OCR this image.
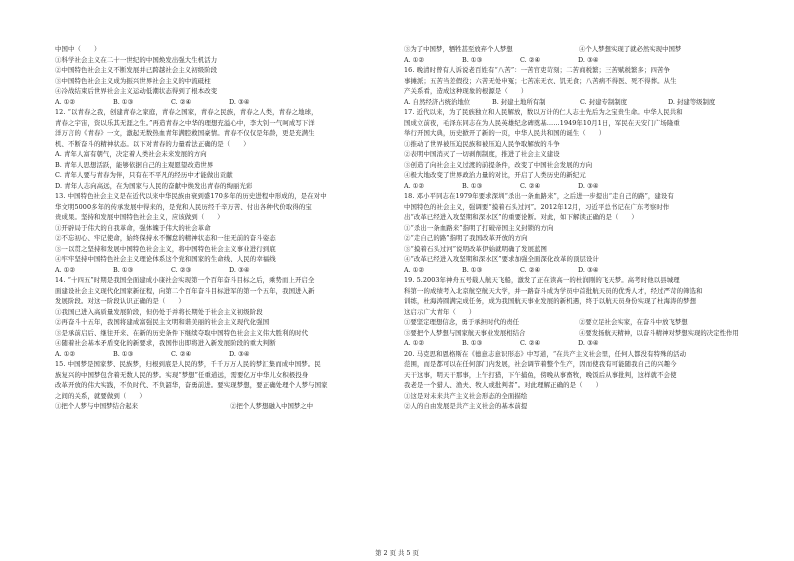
中国中（　　）
①科学社会主义在二十一世纪的中国焕发出强大生机活力
②中国特色社会主义不断发展并已跨越社会主义初级阶段
③中国特色社会主义成为振兴世界社会主义的中流砥柱
④冷战结束后世界社会主义运动低潮状态得到了根本改变
A. ①②	B. ①③	C. ②④	D. ③④
12. “以青春之我，创建青春之家庭，青春之国家，青春之民族，青春之人类，青春之地球，
青春之宇宙，资以乐其无涯之生。”再造青春之中华的理想充溢心中，李大钊一气呵成写下洋
洋万言的《青春》一文，激起无数热血青年满腔救国豪情。青春不仅仅是年龄，更是充满生
机、不断奋斗的精神状态。以下对青春的力量看法正确的是（　　）
A. 青年人富有朝气，决定着人类社会未来发展的方向
B. 青年人思想活跃，能够依据自己的主观愿望改造世界
C. 青年人要与青春为伴，只有在不平凡的经历中才能做出贡献
D. 青年人志向高远，在为国家与人民的奋献中焕发出青春的绚丽光彩
13. 中国特色社会主义是在近代以来中华民族由衰到盛170多年的历史进程中形成的，是在对中
华文明5000多年的传承发展中得来的，是党和人民历经千辛万苦、付出各种代价取得的宝
贵成果。坚持和发展中国特色社会主义，应该做到（　　）
①开辟局于伟大的自我革命，强体魄于伟大的社会革命
②不忘初心、牢记使命，始终保持永不懈怠的精神状态和一往无前的奋斗姿态
③一以贯之坚持和发展中国特色社会主义，将中国特色社会主义事业进行到底
④牢牢坚持中国特色社会主义理论体系这个党和国家的生命线、人民的幸福线
A. ①②	B. ①③	C. ②③	D. ③④
14. “十四五”时期是我国全面建成小康社会实现第一个百年奋斗目标之后，乘势而上开启全
面建设社会主义现代化国家新征程，向第二个百年奋斗目标进军的第一个五年，我国进入新
发展阶段。对这一阶段认识正确的是（　　）
①我国已进入高质量发展阶段，但仍处于并将长期处于社会主义初级阶段
②再奋斗十五年，我国将建成富强民主文明和谐美丽的社会主义现代化强国
③是承前启后、继往开来、在新的历史条件下继续夺取中国特色社会主义伟大胜利的时代
④随着社会基本矛盾变化的新要求，我国作出即将进入新发展阶段的重大判断
A. ①②	B. ①③	C. ②④	D. ③④
15. 中国梦是国家梦、民族梦，归根到底是人民的梦，千千万万人民的梦汇集而成中国梦。民
族复兴的中国梦包含着无数人民的梦。实现“梦想”任重道远，需要亿万中华儿女积极投身
改革开放的伟大实践，不负时代、不负韶华，奋勇前进。要实现梦想，要正确处理个人梦与国家
之间的关系，就要做到（　　）
①把个人梦与中国梦结合起来	②把个人梦想融入中国梦之中
③为了中国梦，牺牲甚至放弃个人梦想	④个人梦想实现了就必然实现中国梦
A. ①②	B. ①③	C. ②④	D. ③④
16. 晚清时曾有人诉说老百姓有“八苦”：一苦官吏苛刻；二苦商税繁；三苦赋税繁多；四苦争
事摊派；五苦当差假役；六苦无处申冤；七苦冻无衣、饥无食；八苦病不得医、死不得葬。从生
产关系看，造成这种现象的根源是（　　）
A. 自然经济占统治地位	B. 封建土地所有制	C. 封建专制制度	D. 封建等级制度
17. 近代以来，为了民族独立和人民解放，数以万计的仁人志士先后为之宝贵生命。中华人民共和
国成立前夜，毛泽东同志在为人民英雄纪念碑奠基……1949年10月1日，军民在天安门广场隆重
举行开国大典，历史掀开了新的一页，中华人民共和国的诞生（　　）
①推动了世界被压迫民族和被压迫人民争取解放的斗争
②表明中国消灭了一切剥削制度，推进了社会主义建设
③创造了向社会主义过渡的前提条件，改变了中国社会发展的方向
④极大地改变了世界政治力量的对比，开启了人类历史的新纪元
A. ①②	B. ①③	C. ②④	D. ③④
18. 邓小平同志在1979年要求深圳“杀出一条血路来”，之后进一步提出“走自己的路”，建设有
中国特色的社会主义，强调要“摸着石头过河”。2012年12月，习近平总书记在广东考察时作
出“改革已经进入攻坚期和深水区”的重要论断。对此，如下解读正确的是（　　）
①“杀出一条血路来”指明了打破帝国主义封锁的方向
②“走自己的路”指明了我国改革开放的方向
③“摸着石头过河”说明改革伊始就明确了发展蓝图
④“改革已经进入攻坚期和深水区”要求加强全面深化改革的顶层设计
A. ①②	B. ①③	C. ②④	D. ③④
19. 5.2003年神舟五号载人航天飞船，激发了正在读高一的杜润刚的飞天梦。高考时他以县城理
科第一的成绩考入北京航空航天大学，并一路奋斗成为学员中首批航天员的优秀人才，经过严苛的筛选和
训练，杜海涛圆满完成任务，成为我国航天事业发展的新机遇，终于以航天员身份实现了杜海涛的梦想
这启示广大青年（　　）
①要坚定理想信念，勇于承担时代的责任	②要立足社会实家，在奋斗中放飞梦想
③要把个人梦想与国家航天事业发展相结合	④要发扬航天精神，以奋斗精神对梦想实现的决定性作用
A. ①②	B. ①③	C. ②④	D. ③④
20. 马克思和恩格斯在《德意志意识形态》中写道，“在共产主义社会里，任何人都没有特殊的活动
范围，而是都可以在任何部门内发展，社会调节着整个生产，因而使我有可能随我自己的兴趣今
天干这事，明天干那事，上午打猎，下午捕鱼，傍晚从事畜牧，晚饭后从事批判，这样就不会使
我老是一个猎人、渔夫、牧人或批判者”。对此理解正确的是（　　）
①这是对未来共产主义社会形态的全面描绘
②人的自由发展是共产主义社会的基本前提
第 2 页 共 5 页
